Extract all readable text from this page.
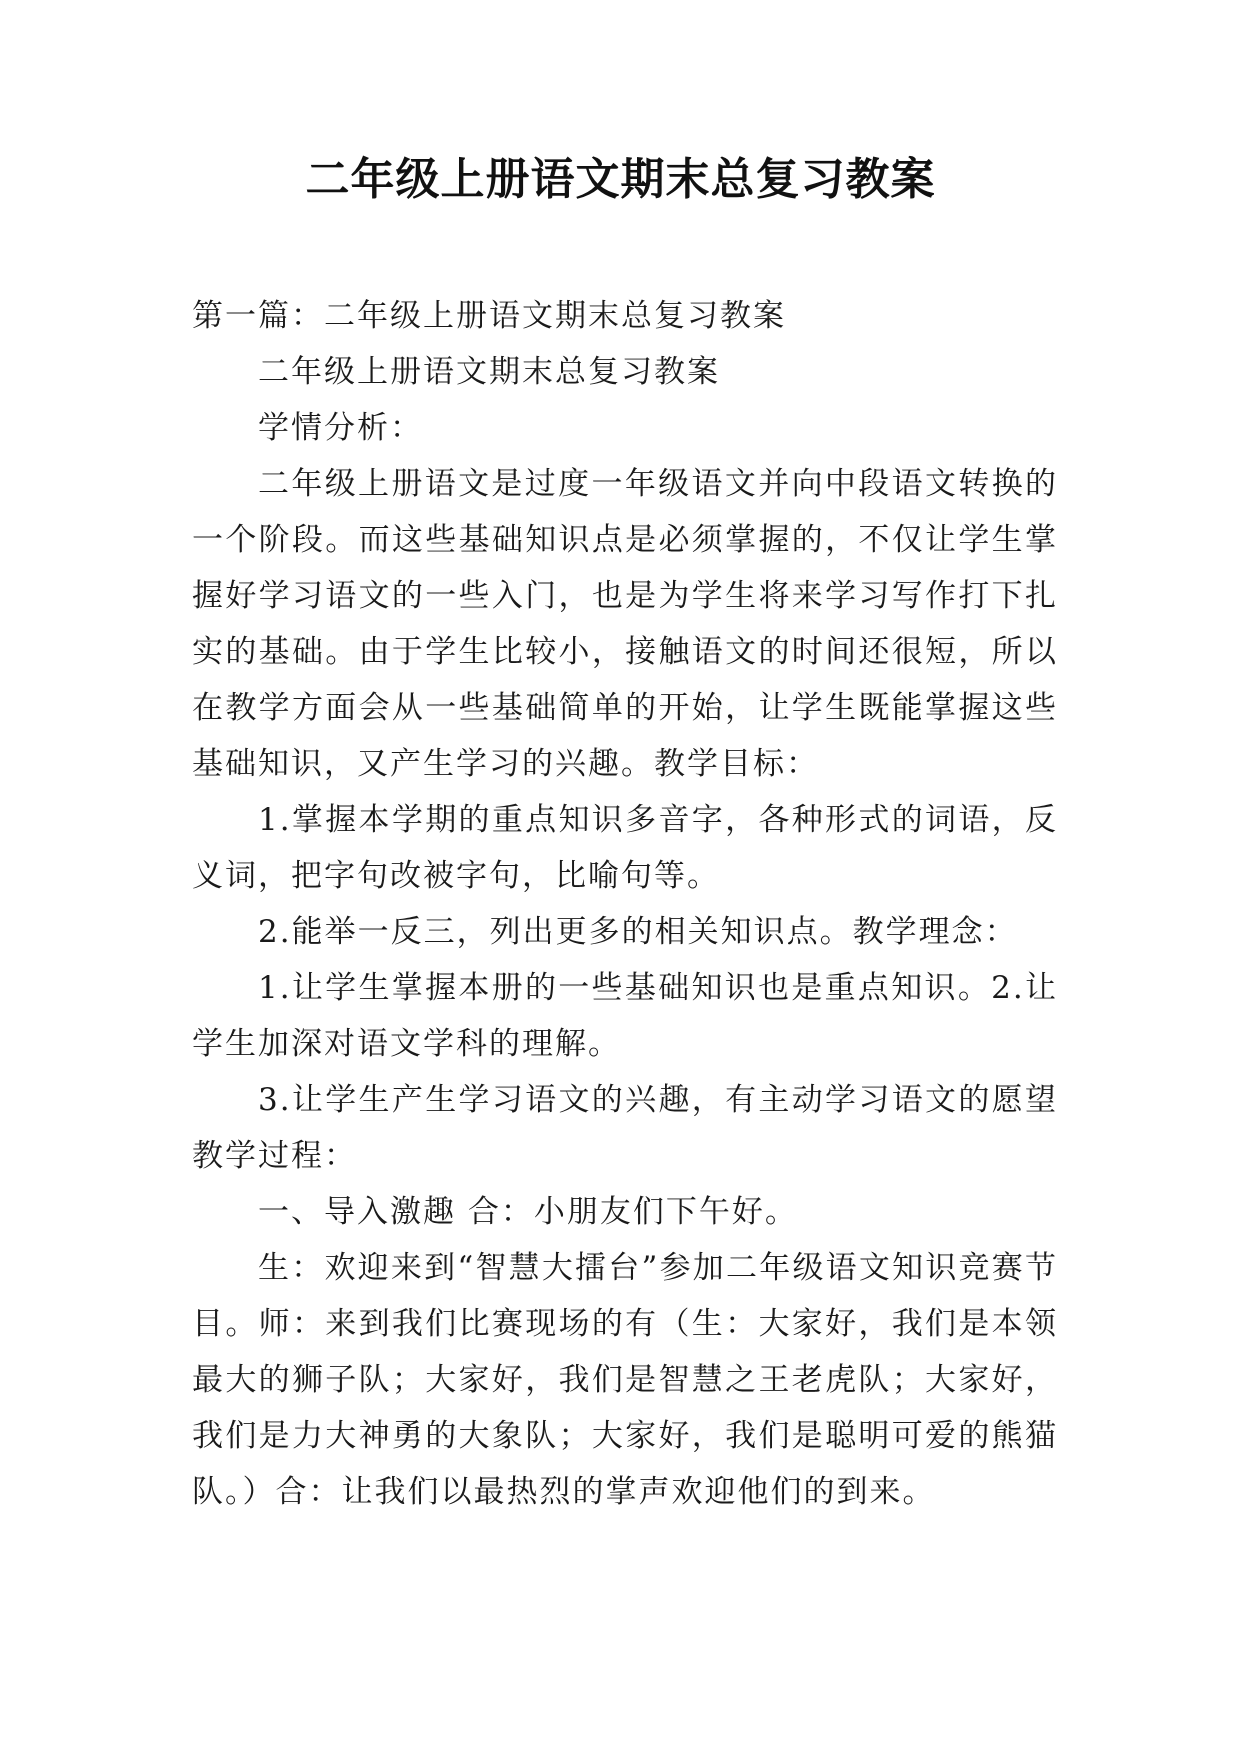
二年级上册语文期末总复习教案

第一篇：二年级上册语文期末总复习教案

二年级上册语文期末总复习教案

学情分析：

二年级上册语文是过度一年级语文并向中段语文转换的一个阶段。而这些基础知识点是必须掌握的，不仅让学生掌握好学习语文的一些入门，也是为学生将来学习写作打下扎实的基础。由于学生比较小，接触语文的时间还很短，所以在教学方面会从一些基础简单的开始，让学生既能掌握这些基础知识，又产生学习的兴趣。教学目标：

1.掌握本学期的重点知识多音字，各种形式的词语，反义词，把字句改被字句，比喻句等。

2.能举一反三，列出更多的相关知识点。教学理念：

1.让学生掌握本册的一些基础知识也是重点知识。2.让学生加深对语文学科的理解。

3.让学生产生学习语文的兴趣，有主动学习语文的愿望教学过程：

一、导入激趣 合：小朋友们下午好。

生：欢迎来到“智慧大擂台”参加二年级语文知识竞赛节目。师：来到我们比赛现场的有（生：大家好，我们是本领最大的狮子队；大家好，我们是智慧之王老虎队；大家好，我们是力大神勇的大象队；大家好，我们是聪明可爱的熊猫队。）合：让我们以最热烈的掌声欢迎他们的到来。
